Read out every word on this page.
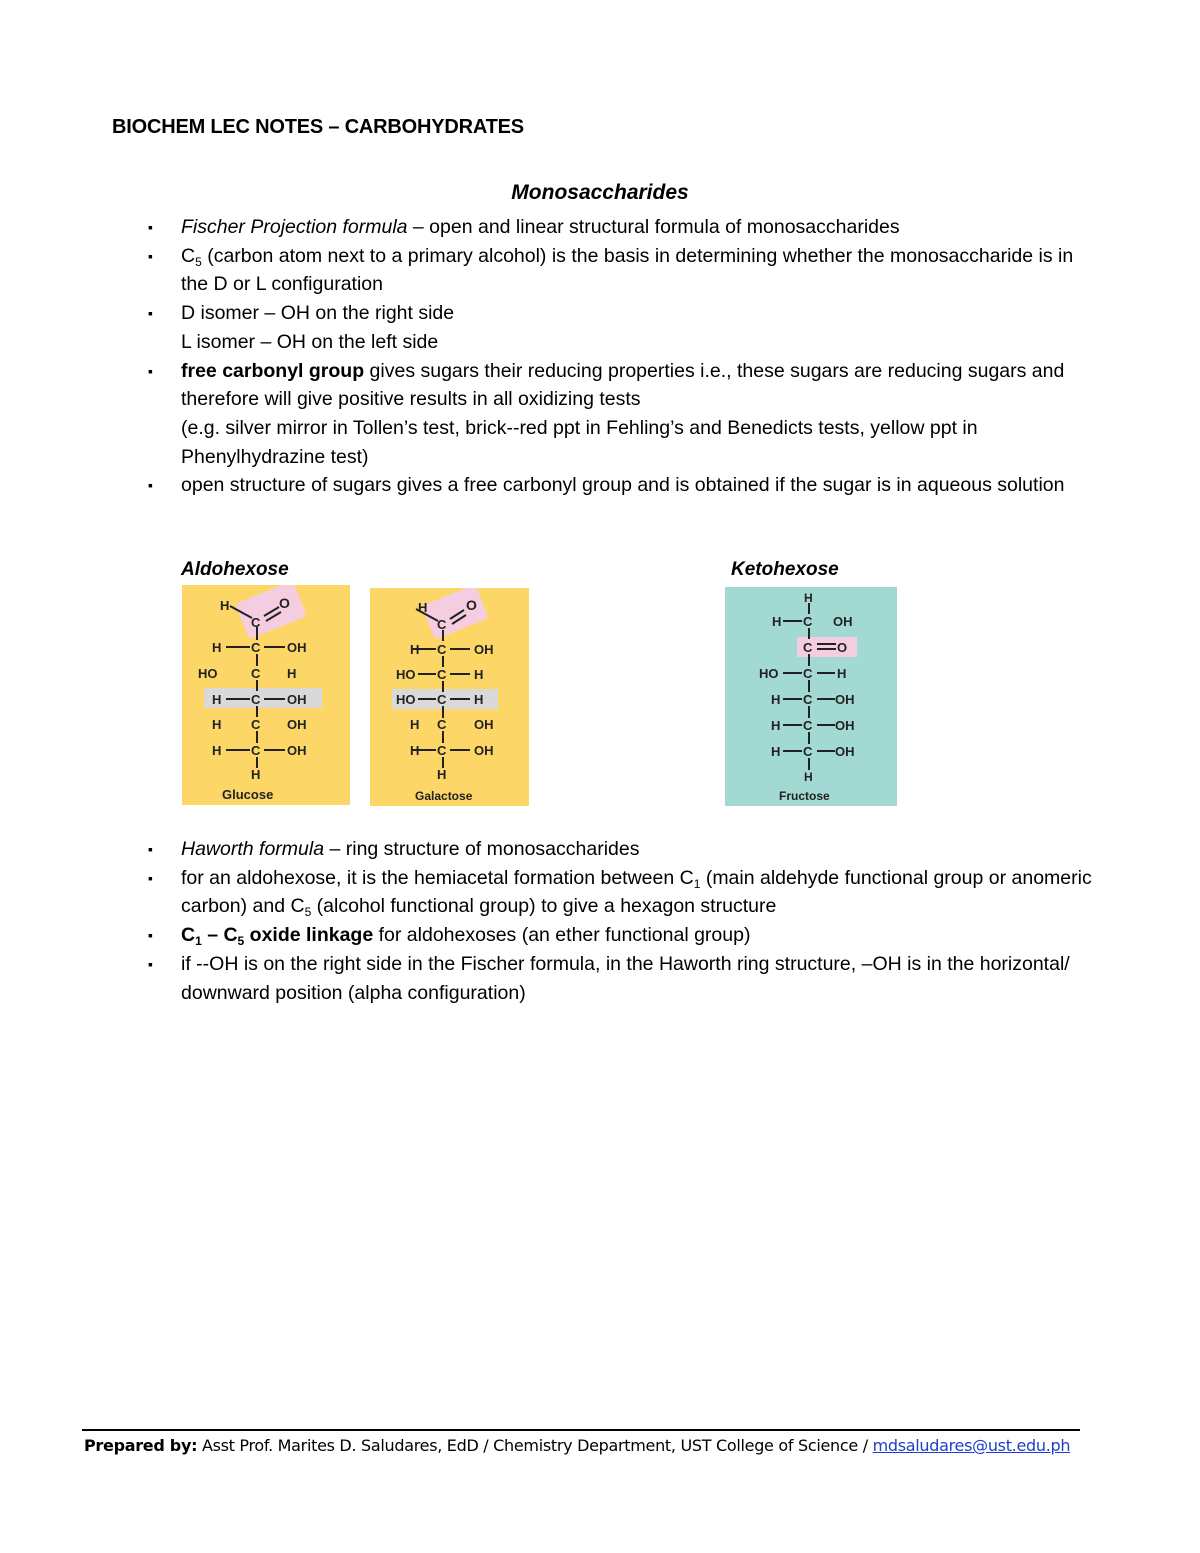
BIOCHEM LEC NOTES – CARBOHYDRATES
Monosaccharides
▪ Fischer Projection formula – open and linear structural formula of monosaccharides
▪ $C_5$ (carbon atom next to a primary alcohol) is the basis in determining whether the monosaccharide is in the D or L configuration
▪ D isomer – OH on the right side
L isomer – OH on the left side
▪ free carbonyl group gives sugars their reducing properties i.e., these sugars are reducing sugars and therefore will give positive results in all oxidizing tests
(e.g. silver mirror in Tollen’s test, brick--red ppt in Fehling’s and Benedicts tests, yellow ppt in Phenylhydrazine test)
▪ open structure of sugars gives a free carbonyl group and is obtained if the sugar is in aqueous solution
Aldohexose	Ketohexose
H
C
O
H C OH
HO	C H
H C OH
H C OH
H C OH
H
Glucose
H
C
O
H C OH
HO C H
HO C H
H C OH
H C OH
H
Galactose
H
H C OH
C O
HO C H
H C OH
H C OH
H C OH
H
Fructose
▪ Haworth formula – ring structure of monosaccharides
▪ for an aldohexose, it is the hemiacetal formation between $C_1$ (main aldehyde functional group or anomeric carbon) and $C_5$ (alcohol functional group) to give a hexagon structure
▪ $C_1 - C_5$ oxide linkage for aldohexoses (an ether functional group)
▪ if --OH is on the right side in the Fischer formula, in the Haworth ring structure, –OH is in the horizontal/ downward position (alpha configuration)
Prepared by: Asst Prof. Marites D. Saludares, EdD / Chemistry Department, UST College of Science / mdsaludares@ust.edu.ph
